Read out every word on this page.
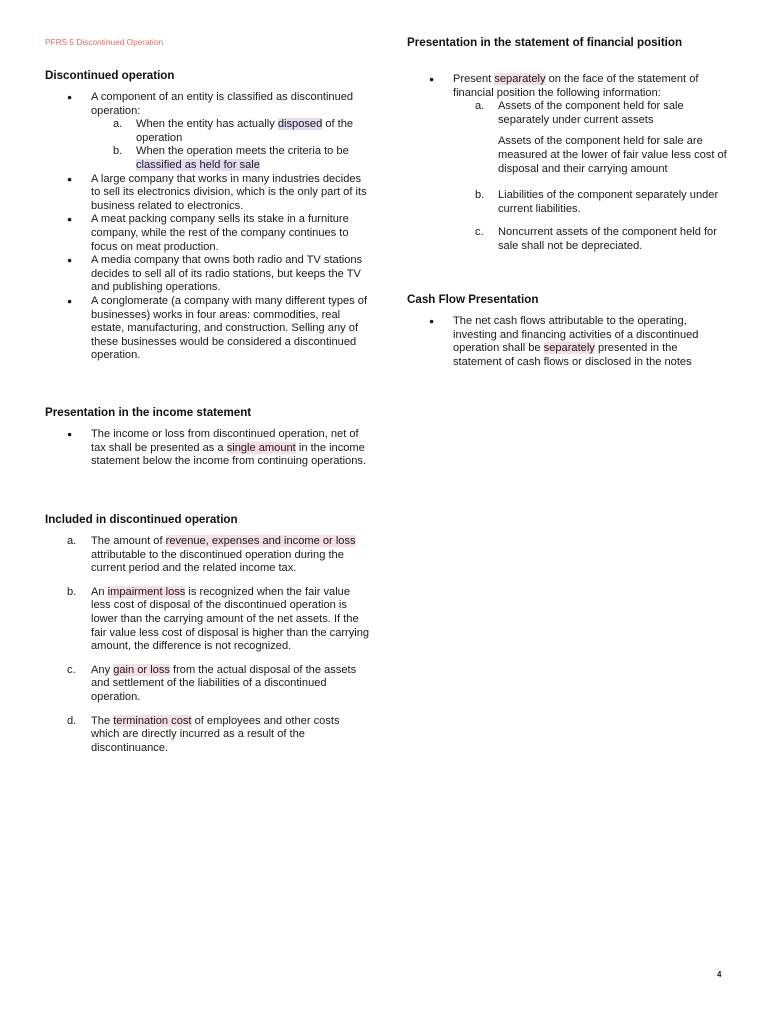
PFRS 5 Discontinued Operation
Discontinued operation
● A component of an entity is classified as discontinued operation:
a. When the entity has actually disposed of the operation
b. When the operation meets the criteria to be classified as held for sale
● A large company that works in many industries decides to sell its electronics division, which is the only part of its business related to electronics.
● A meat packing company sells its stake in a furniture company, while the rest of the company continues to focus on meat production.
● A media company that owns both radio and TV stations decides to sell all of its radio stations, but keeps the TV and publishing operations.
● A conglomerate (a company with many different types of businesses) works in four areas: commodities, real estate, manufacturing, and construction. Selling any of these businesses would be considered a discontinued operation.
Presentation in the income statement
● The income or loss from discontinued operation, net of tax shall be presented as a single amount in the income statement below the income from continuing operations.
Included in discontinued operation
a. The amount of revenue, expenses and income or loss attributable to the discontinued operation during the current period and the related income tax.
b. An impairment loss is recognized when the fair value less cost of disposal of the discontinued operation is lower than the carrying amount of the net assets. If the fair value less cost of disposal is higher than the carrying amount, the difference is not recognized.
c. Any gain or loss from the actual disposal of the assets and settlement of the liabilities of a discontinued operation.
d. The termination cost of employees and other costs which are directly incurred as a result of the discontinuance.
Presentation in the statement of financial position
● Present separately on the face of the statement of financial position the following information:
a. Assets of the component held for sale separately under current assets
Assets of the component held for sale are measured at the lower of fair value less cost of disposal and their carrying amount
b. Liabilities of the component separately under current liabilities.
c. Noncurrent assets of the component held for sale shall not be depreciated.
Cash Flow Presentation
● The net cash flows attributable to the operating, investing and financing activities of a discontinued operation shall be separately presented in the statement of cash flows or disclosed in the notes
4
